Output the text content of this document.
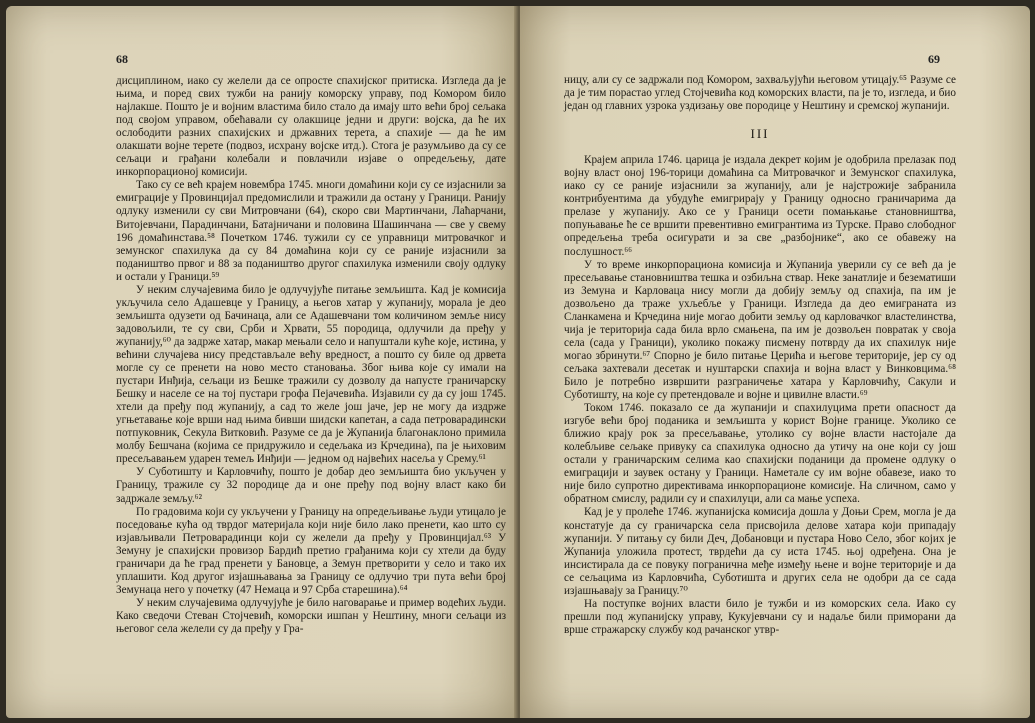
68

дисциплином, иако су желели да се опросте спахијског притиска. Изгледа да је њима, и поред свих тужби на ранију коморску управу, под Комором било најлакше. Пошто је и војним властима било стало да имају што већи број сељака под својом управом, обећавали су олакшице једни и други: војска, да ће их ослободити разних спахијских и државних терета, а спахије — да ће им олакшати војне терете (подвоз, исхрану војске итд.). Стога је разумљиво да су се сељаци и грађани колебали и повлачили изјаве о опредељењу, дате инкорпорационој комисији.

Тако су се већ крајем новембра 1745. многи домаћини који су се изјаснили за емиграције у Провинцијал предомислили и тражили да остану у Граници. Ранију одлуку изменили су сви Митровчани (64), скоро сви Мартинчани, Лаћарчани, Витојевчани, Парадинчани, Батајничани и половина Шашинчана — све у свему 196 домаћинстава.⁵⁸ Почетком 1746. тужили су се управници митровачког и земунског спахилука да су 84 домаћина који су се раније изјаснили за подаништво првог и 88 за подаништво другог спахилука изменили своју одлуку и остали у Граници.⁵⁹

У неким случајевима било је одлучујуће питање земљишта. Кад је комисија укључила село Адашевце у Границу, а његов хатар у жупанију, морала је део земљишта одузети од Бачинаца, али се Адашевчани том количином земље нису задовољили, те су сви, Срби и Хрвати, 55 породица, одлучили да пређу у жупанију,⁶⁰ да задрже хатар, макар мењали село и напуштали куће које, истина, у већини случајева нису представљале већу вредност, а пошто су биле од дрвета могле су се пренети на ново место становања. Због њива које су имали на пустари Инђија, сељаци из Бешке тражили су дозволу да напусте граничарску Бешку и населе се на тој пустари грофа Пејачевића. Изјавили су да су још 1745. хтели да пређу под жупанију, а сад то желе још јаче, јер не могу да издрже угњетавање које врши над њима бивши шидски капетан, а сада петроварадински потпуковник, Секула Витковић. Разуме се да је Жупанија благонаклоно примила молбу Бешчана (којима се придружило и седељака из Крчедина), па је њиховим пресељавањем ударен темељ Инђији — једном од највећих насеља у Срему.⁶¹

У Суботишту и Карловчићу, пошто је добар део земљишта био укључен у Границу, тражиле су 32 породице да и оне пређу под војну власт како би задржале земљу.⁶²

По градовима који су укључени у Границу на опредељивање људи утицало је поседовање кућа од тврдог материјала који није било лако пренети, као што су изјављивали Петроварадинци који су желели да пређу у Провинцијал.⁶³ У Земуну је спахијски провизор Бардић претио грађанима који су хтели да буду граничари да ће град пренети у Бановце, а Земун претворити у село и тако их уплашити. Код другог изјашњавања за Границу се одлучио три пута већи број Земунаца него у почетку (47 Немаца и 97 Срба старешина).⁶⁴

У неким случајевима одлучујуће је било наговарање и пример водећих људи. Како сведочи Стеван Стојчевић, коморски ишпан у Нештину, многи сељаци из његовог села желели су да пређу у Гра-

69

ницу, али су се задржали под Комором, захваљујући његовом утицају.⁶⁵ Разуме се да је тим порастао углед Стојчевића код коморских власти, па је то, изгледа, и био један од главних узрока уздизању ове породице у Нештину и сремској жупанији.

III

Крајем априла 1746. царица је издала декрет којим је одобрила прелазак под војну власт оној 196-торици домаћина са Митровачког и Земунског спахилука, иако су се раније изјаснили за жупанију, али је најстрожије забранила контрибуентима да убудуће емигрирају у Границу односно граничарима да прелазе у жупанију. Ако се у Граници осети помањкање становништва, попуњавање ће се вршити превентивно емигрантима из Турске. Право слободног опредељења треба осигурати и за све „разбојнике“, ако се обавежу на послушност.⁶⁶

У то време инкорпорациона комисија и Жупанија уверили су се већ да је пресељавање становништва тешка и озбиљна ствар. Неке занатлије и безематиши из Земуна и Карловаца нису могли да добију земљу од спахија, па им је дозвољено да траже ухљебље у Граници. Изгледа да део емиграната из Сланкамена и Крчедина није могао добити земљу од карловачког властелинства, чија је територија сада била врло смањена, па им је дозвољен повратак у своја села (сада у Граници), уколико покажу писмену потврду да их спахилук није могао збринути.⁶⁷ Спорно је било питање Церића и његове територије, јер су од сељака захтевали десетак и нуштарски спахија и војна власт у Винковцима.⁶⁸ Било је потребно извршити разграничење хатара у Карловчићу, Сакули и Суботишту, на које су претендовале и војне и цивилне власти.⁶⁹

Током 1746. показало се да жупанији и спахилуцима прети опасност да изгубе већи број поданика и земљишта у корист Војне границе. Уколико се ближио крају рок за пресељавање, утолико су војне власти настојале да колебљиве сељаке привуку са спахилука односно да утичу на оне који су још остали у граничарским селима као спахијски поданици да промене одлуку о емиграцији и заувек остану у Граници. Наметале су им војне обавезе, иако то није било супротно директивама инкорпорационе комисије. На сличном, само у обратном смислу, радили су и спахилуци, али са мање успеха.

Кад је у пролеће 1746. жупанијска комисија дошла у Доњи Срем, могла је да констатује да су граничарска села присвојила деловe хатара који припадају жупанији. У питању су били Деч, Добановци и пустара Ново Село, због којих је Жупанија уложила протест, тврдећи да су иста 1745. њој одређена. Она је инсистирала да се повуку погранична међе између њене и војне територије и да се сељацима из Карловчића, Суботишта и других села не одобри да се сада изјашњавају за Границу.⁷⁰

На поступке војних власти било је тужби и из коморских села. Иако су прешли под жупанијску управу, Кукујевчани су и надаље били примoрани да врше стражарску службу код рачанског утвр-
